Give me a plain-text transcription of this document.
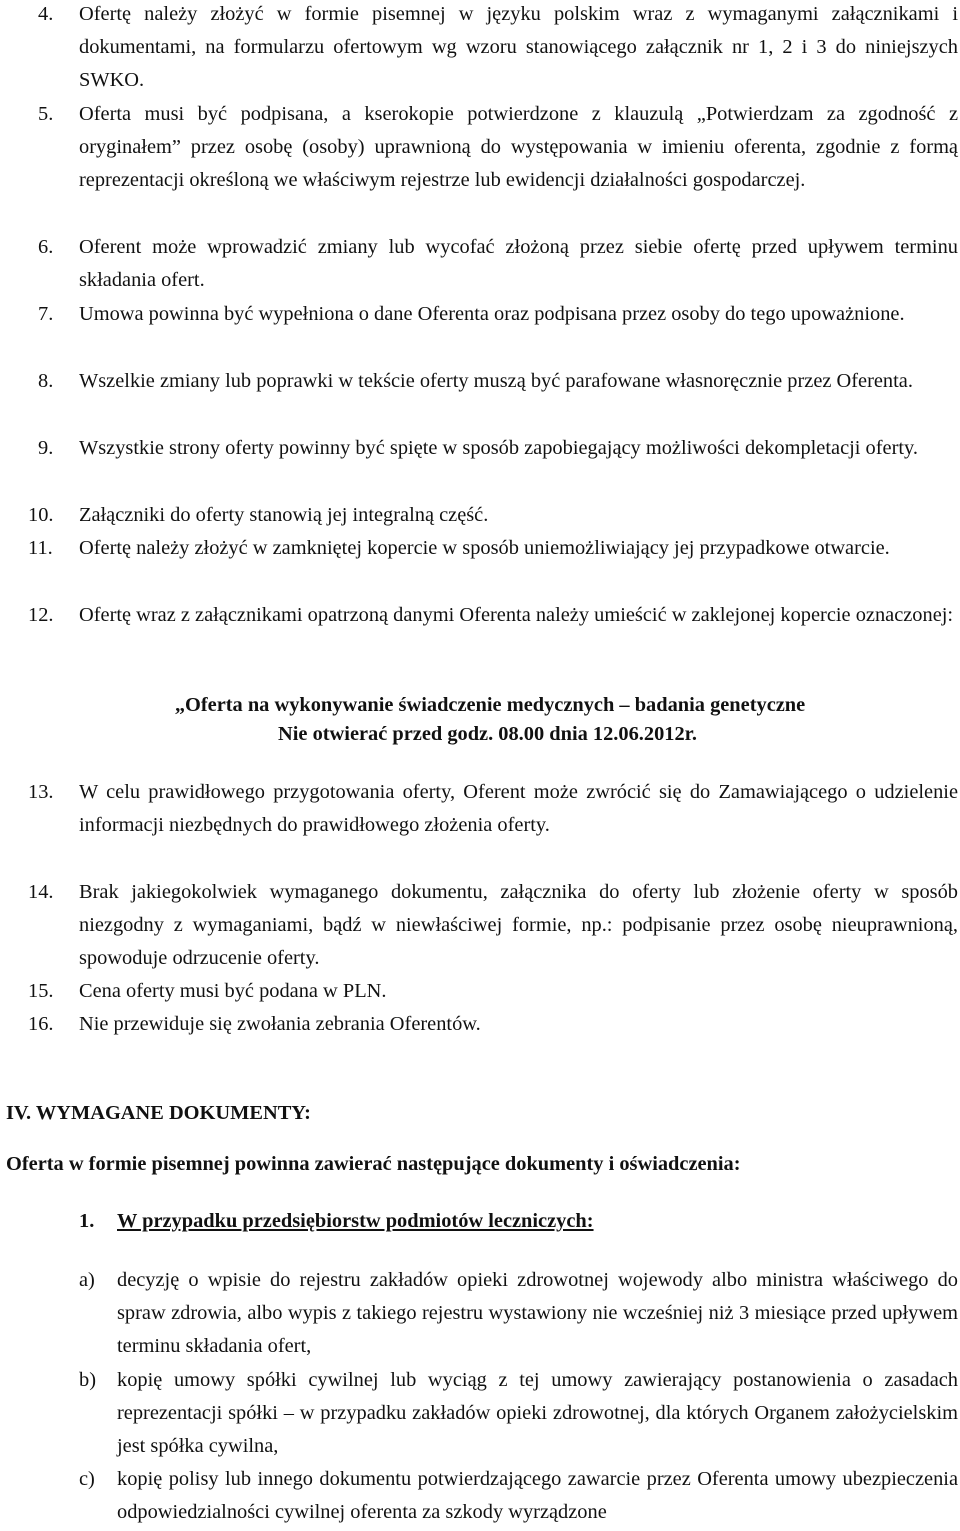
4. Ofertę należy złożyć w formie pisemnej w języku polskim wraz z wymaganymi załącznikami i dokumentami, na formularzu ofertowym wg wzoru stanowiącego załącznik nr 1, 2 i 3 do niniejszych SWKO.
5. Oferta musi być podpisana, a kserokopie potwierdzone z klauzulą „Potwierdzam za zgodność z oryginałem” przez osobę (osoby) uprawnioną do występowania w imieniu oferenta, zgodnie z formą reprezentacji określoną we właściwym rejestrze lub ewidencji działalności gospodarczej.
6. Oferent może wprowadzić zmiany lub wycofać złożoną przez siebie ofertę przed upływem terminu składania ofert.
7. Umowa powinna być wypełniona o dane Oferenta oraz podpisana przez osoby do tego upoważnione.
8. Wszelkie zmiany lub poprawki w tekście oferty muszą być parafowane własnoręcznie przez Oferenta.
9. Wszystkie strony oferty powinny być spięte w sposób zapobiegający możliwości dekompletacji oferty.
10. Załączniki do oferty stanowią jej integralną część.
11. Ofertę należy złożyć w zamkniętej kopercie w sposób uniemożliwiający jej przypadkowe otwarcie.
12. Ofertę wraz z załącznikami opatrzoną danymi Oferenta należy umieścić w zaklejonej kopercie oznaczonej:
„Oferta na wykonywanie świadczenie medycznych – badania genetyczne
Nie otwierać przed godz. 08.00 dnia 12.06.2012r.
13. W celu prawidłowego przygotowania oferty, Oferent może zwrócić się do Zamawiającego o udzielenie informacji niezbędnych do prawidłowego złożenia oferty.
14. Brak jakiegokolwiek wymaganego dokumentu, załącznika do oferty lub złożenie oferty w sposób niezgodny z wymaganiami, bądź w niewłaściwej formie, np.: podpisanie przez osobę nieuprawnioną, spowoduje odrzucenie oferty.
15. Cena oferty musi być podana w PLN.
16. Nie przewiduje się zwołania zebrania Oferentów.
IV. WYMAGANE DOKUMENTY:
Oferta w formie pisemnej powinna zawierać następujące dokumenty i oświadczenia:
1. W przypadku przedsiębiorstw podmiotów leczniczych:
a) decyzję o wpisie do rejestru zakładów opieki zdrowotnej wojewody albo ministra właściwego do spraw zdrowia, albo wypis z takiego rejestru wystawiony nie wcześniej niż 3 miesiące przed upływem terminu składania ofert,
b) kopię umowy spółki cywilnej lub wyciąg z tej umowy zawierający postanowienia o zasadach reprezentacji spółki – w przypadku zakładów opieki zdrowotnej, dla których Organem założycielskim jest spółka cywilna,
c) kopię polisy lub innego dokumentu potwierdzającego zawarcie przez Oferenta umowy ubezpieczenia odpowiedzialności cywilnej oferenta za szkody wyrządzone
